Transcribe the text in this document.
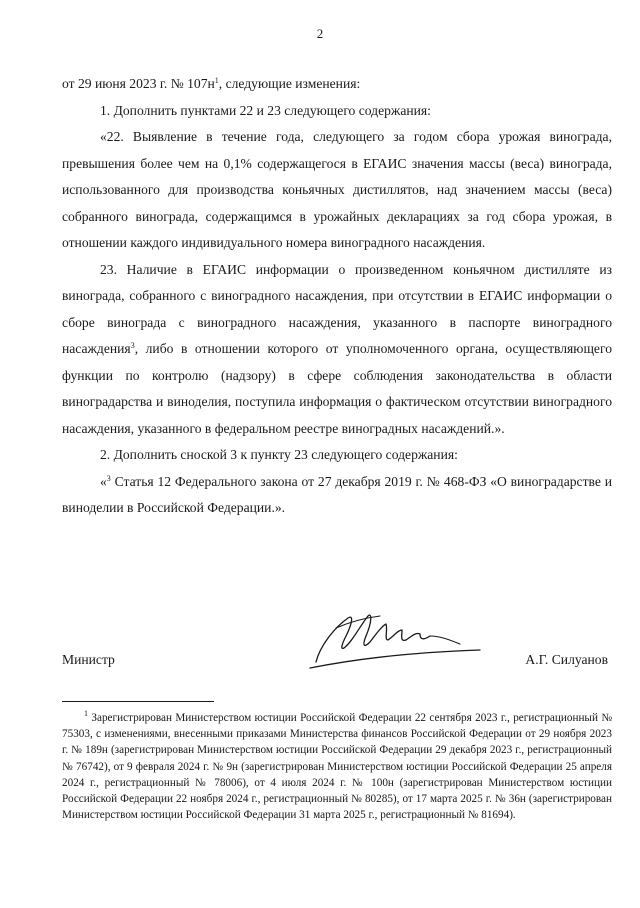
2

от 29 июня 2023 г. № $107н^1$, следующие изменения:

1. Дополнить пунктами 22 и 23 следующего содержания:

«22. Выявление в течение года, следующего за годом сбора урожая винограда, превышения более чем на 0,1% содержащегося в ЕГАИС значения массы (веса) винограда, использованного для производства коньячных дистиллятов, над значением массы (веса) собранного винограда, содержащимся в урожайных декларациях за год сбора урожая, в отношении каждого индивидуального номера виноградного насаждения.

23. Наличие в ЕГАИС информации о произведенном коньячном дистилляте из винограда, собранного с виноградного насаждения, при отсутствии в ЕГАИС информации о сборе винограда с виноградного насаждения, указанного в паспорте виноградного насаждения$^3$, либо в отношении которого от уполномоченного органа, осуществляющего функции по контролю (надзору) в сфере соблюдения законодательства в области виноградарства и виноделия, поступила информация о фактическом отсутствии виноградного насаждения, указанного в федеральном реестре виноградных насаждений.».

2. Дополнить сноской 3 к пункту 23 следующего содержания:

«$^3$ Статья 12 Федерального закона от 27 декабря 2019 г. № 468-ФЗ «О виноградарстве и виноделии в Российской Федерации.».

Министр	А.Г. Силуанов
$^1$ Зарегистрирован Министерством юстиции Российской Федерации 22 сентября 2023 г., регистрационный № 75303, с изменениями, внесенными приказами Министерства финансов Российской Федерации от 29 ноября 2023 г. № 189н (зарегистрирован Министерством юстиции Российской Федерации 29 декабря 2023 г., регистрационный № 76742), от 9 февраля 2024 г. № 9н (зарегистрирован Министерством юстиции Российской Федерации 25 апреля 2024 г., регистрационный № 78006), от 4 июля 2024 г. № 100н (зарегистрирован Министерством юстиции Российской Федерации 22 ноября 2024 г., регистрационный № 80285), от 17 марта 2025 г. № 36н (зарегистрирован Министерством юстиции Российской Федерации 31 марта 2025 г., регистрационный № 81694).
